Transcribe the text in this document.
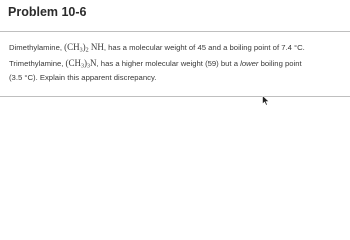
Problem 10-6
Dimethylamine, $(CH_3)_2$ NH, has a molecular weight of 45 and a boiling point of 7.4 °C.
Trimethylamine, $(CH_3)_3N$, has a higher molecular weight (59) but a lower boiling point
(3.5 °C). Explain this apparent discrepancy.
